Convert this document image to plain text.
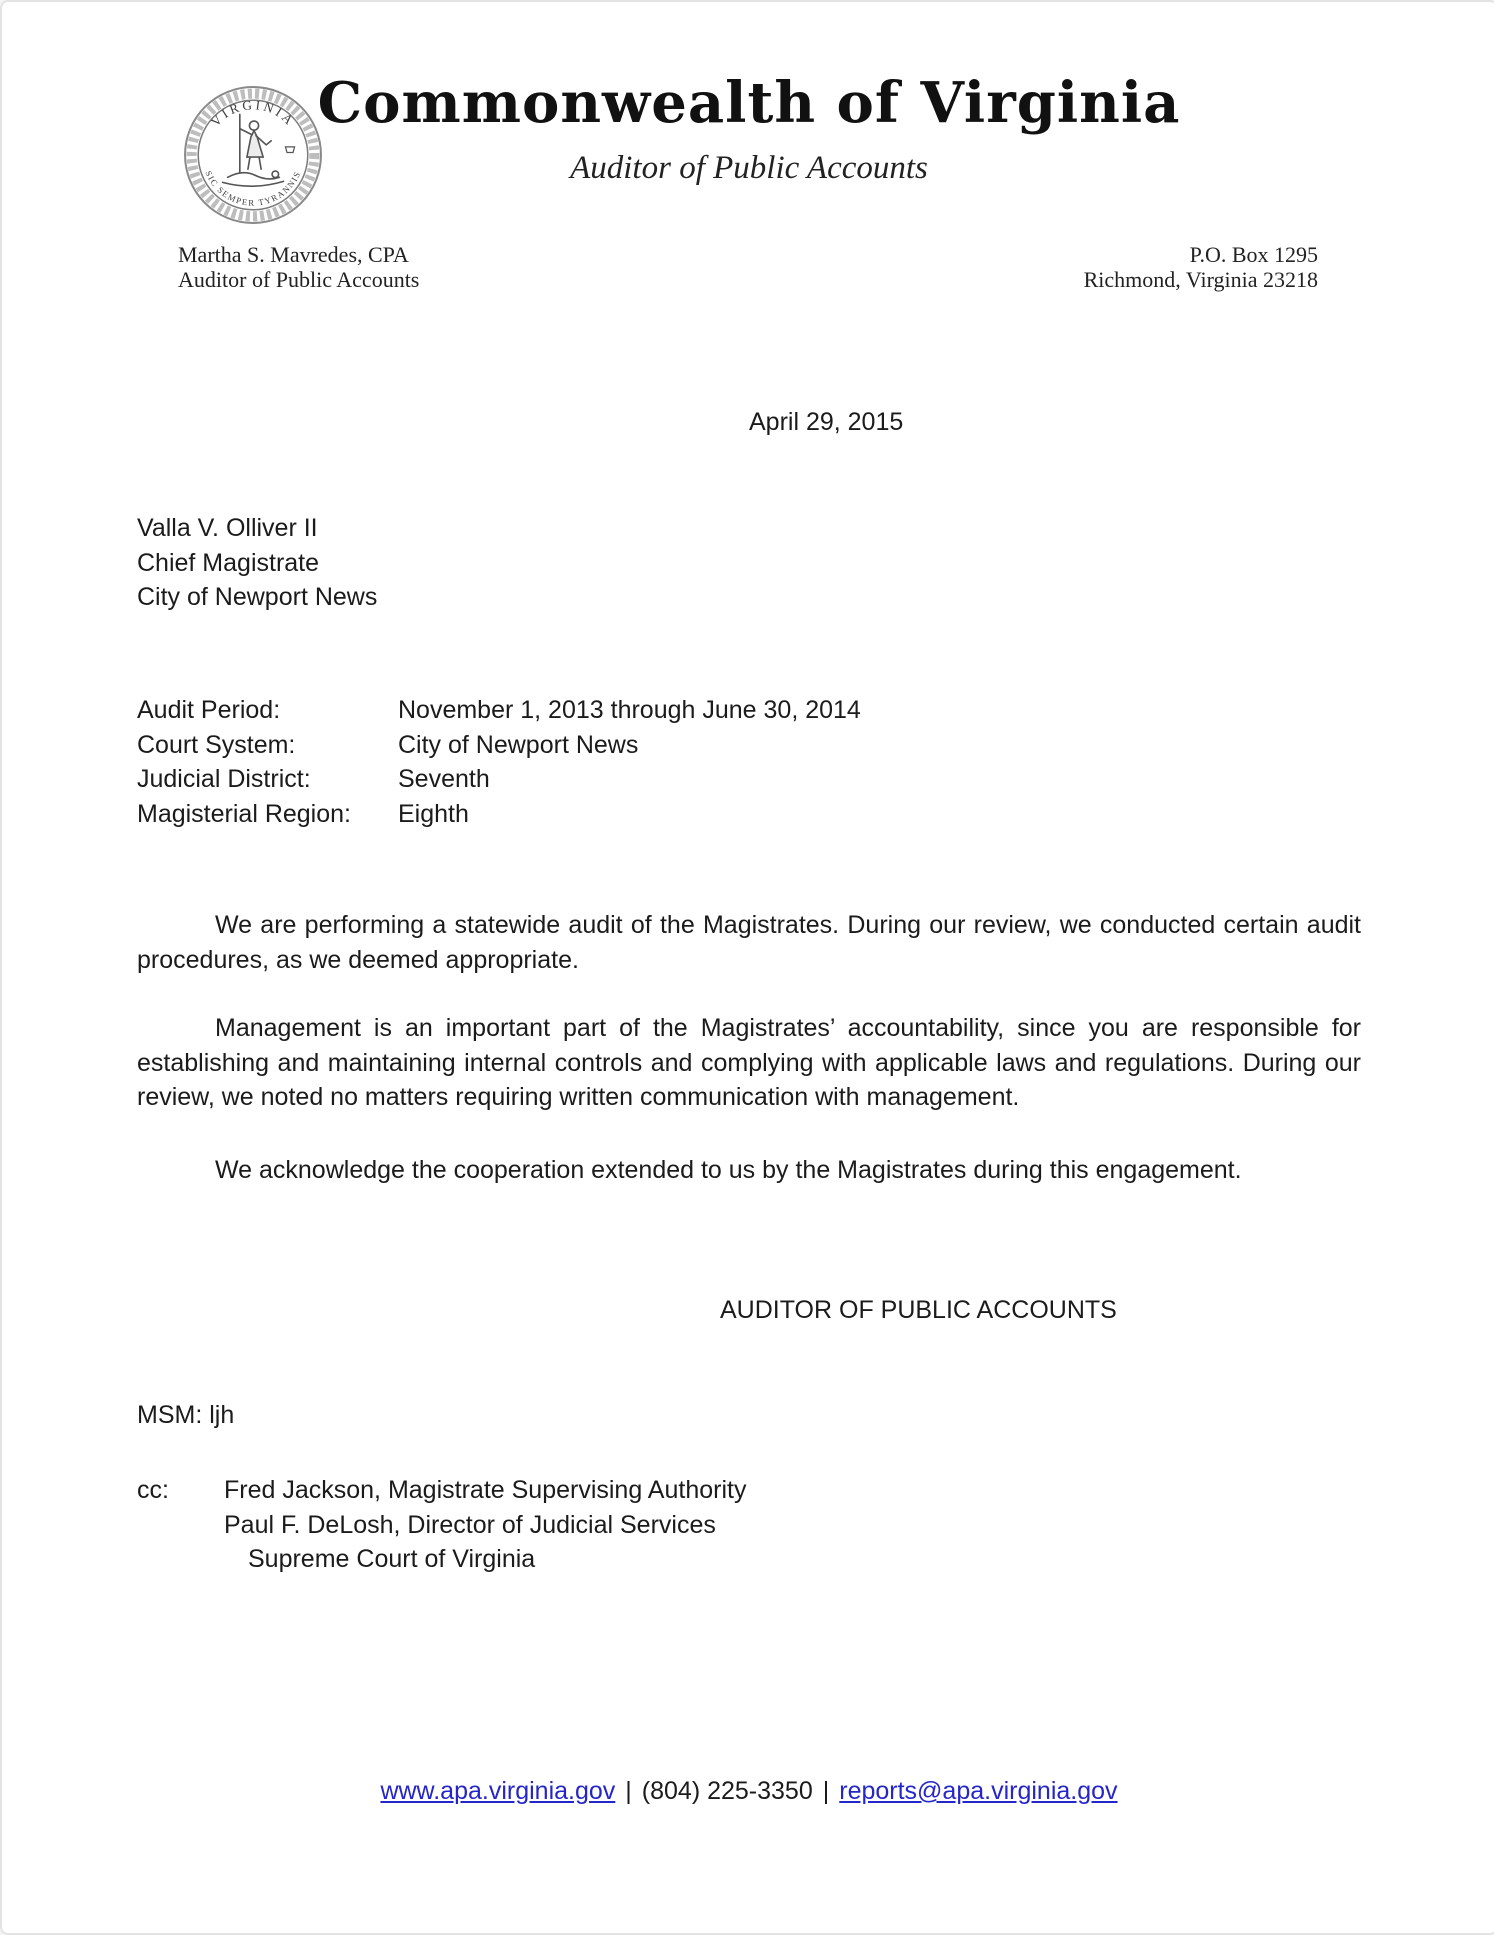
VIRGINIA
SIC SEMPER TYRANNIS
Commonwealth of Virginia
Auditor of Public Accounts
Martha S. Mavredes, CPA
Auditor of Public Accounts
P.O. Box 1295
Richmond, Virginia 23218
April 29, 2015
Valla V. Olliver II
Chief Magistrate
City of Newport News
Audit Period:	November 1, 2013 through June 30, 2014
Court System:	City of Newport News
Judicial District:	Seventh
Magisterial Region:	Eighth

We are performing a statewide audit of the Magistrates. During our review, we conducted certain audit procedures, as we deemed appropriate.

Management is an important part of the Magistrates’ accountability, since you are responsible for establishing and maintaining internal controls and complying with applicable laws and regulations. During our review, we noted no matters requiring written communication with management.

We acknowledge the cooperation extended to us by the Magistrates during this engagement.

AUDITOR OF PUBLIC ACCOUNTS
MSM: ljh
cc:	Fred Jackson, Magistrate Supervising Authority
Paul F. DeLosh, Director of Judicial Services
Supreme Court of Virginia
www.apa.virginia.gov | (804) 225-3350 | reports@apa.virginia.gov
